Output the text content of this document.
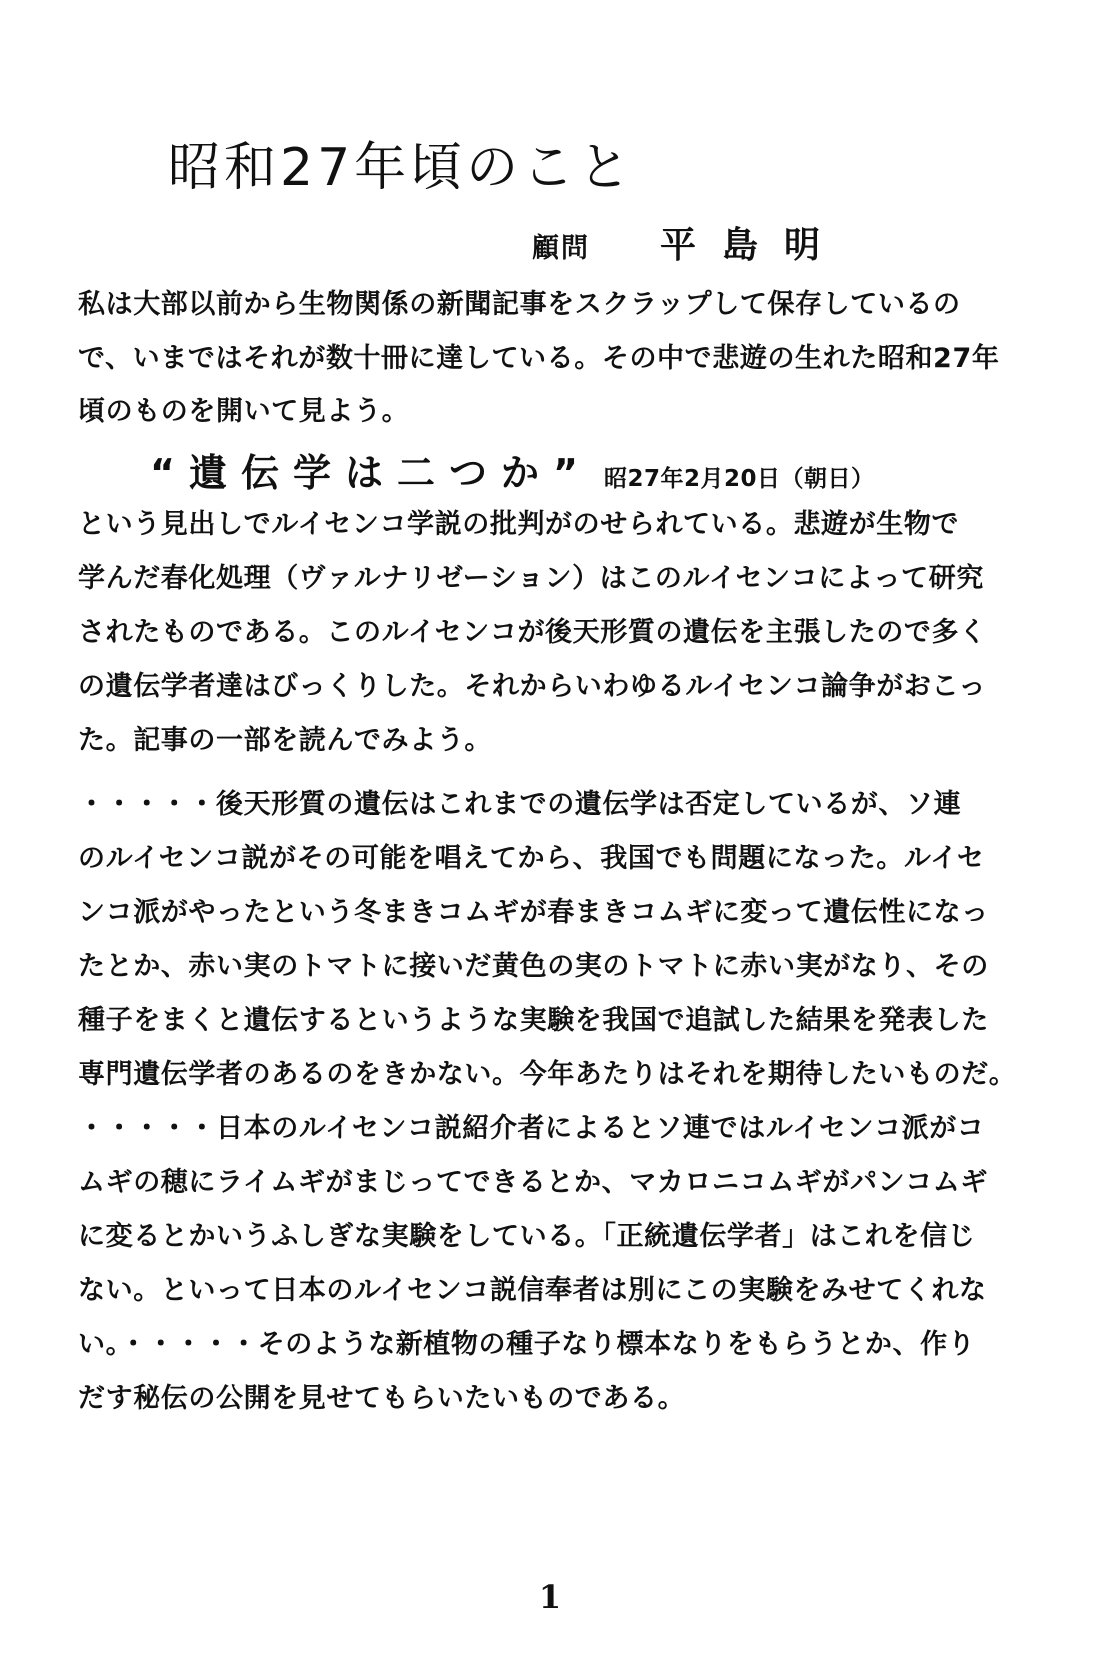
昭和27年頃のこと
顧問 平島明
私は大部以前から生物関係の新聞記事をスクラップして保存しているの
で、いまではそれが数十冊に達している。その中で悲遊の生れた昭和27年
頃のものを開いて見よう。
“遺伝学は二つか” 昭27年2月20日（朝日）
という見出しでルイセンコ学説の批判がのせられている。悲遊が生物で
学んだ春化処理（ヴァルナリゼーション）はこのルイセンコによって研究
されたものである。このルイセンコが後天形質の遺伝を主張したので多く
の遺伝学者達はびっくりした。それからいわゆるルイセンコ論争がおこっ
た。記事の一部を読んでみよう。
・・・・・後天形質の遺伝はこれまでの遺伝学は否定しているが、ソ連
のルイセンコ説がその可能を唱えてから、我国でも問題になった。ルイセ
ンコ派がやったという冬まきコムギが春まきコムギに変って遺伝性になっ
たとか、赤い実のトマトに接いだ黄色の実のトマトに赤い実がなり、その
種子をまくと遺伝するというような実験を我国で追試した結果を発表した
専門遺伝学者のあるのをきかない。今年あたりはそれを期待したいものだ。
・・・・・日本のルイセンコ説紹介者によるとソ連ではルイセンコ派がコ
ムギの穂にライムギがまじってできるとか、マカロニコムギがパンコムギ
に変るとかいうふしぎな実験をしている。「正統遺伝学者」はこれを信じ
ない。といって日本のルイセンコ説信奉者は別にこの実験をみせてくれな
い。・・・・・そのような新植物の種子なり標本なりをもらうとか、作り
だす秘伝の公開を見せてもらいたいものである。
1
